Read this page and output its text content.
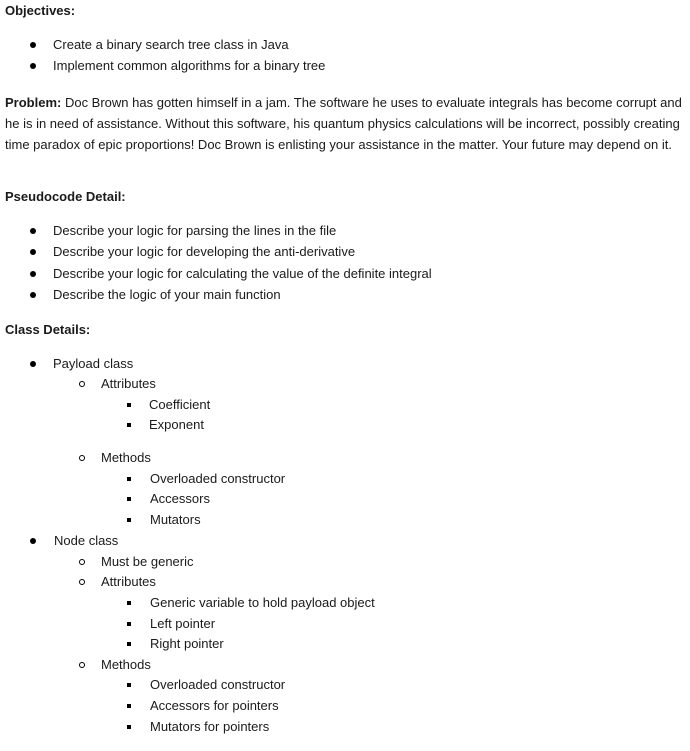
Objectives:
Create a binary search tree class in Java
Implement common algorithms for a binary tree
Problem: Doc Brown has gotten himself in a jam. The software he uses to evaluate integrals has become corrupt and he is in need of assistance. Without this software, his quantum physics calculations will be incorrect, possibly creating time paradox of epic proportions! Doc Brown is enlisting your assistance in the matter. Your future may depend on it.
Pseudocode Detail:
Describe your logic for parsing the lines in the file
Describe your logic for developing the anti-derivative
Describe your logic for calculating the value of the definite integral
Describe the logic of your main function
Class Details:
Payload class
Attributes
Coefficient
Exponent
Methods
Overloaded constructor
Accessors
Mutators
Node class
Must be generic
Attributes
Generic variable to hold payload object
Left pointer
Right pointer
Methods
Overloaded constructor
Accessors for pointers
Mutators for pointers
